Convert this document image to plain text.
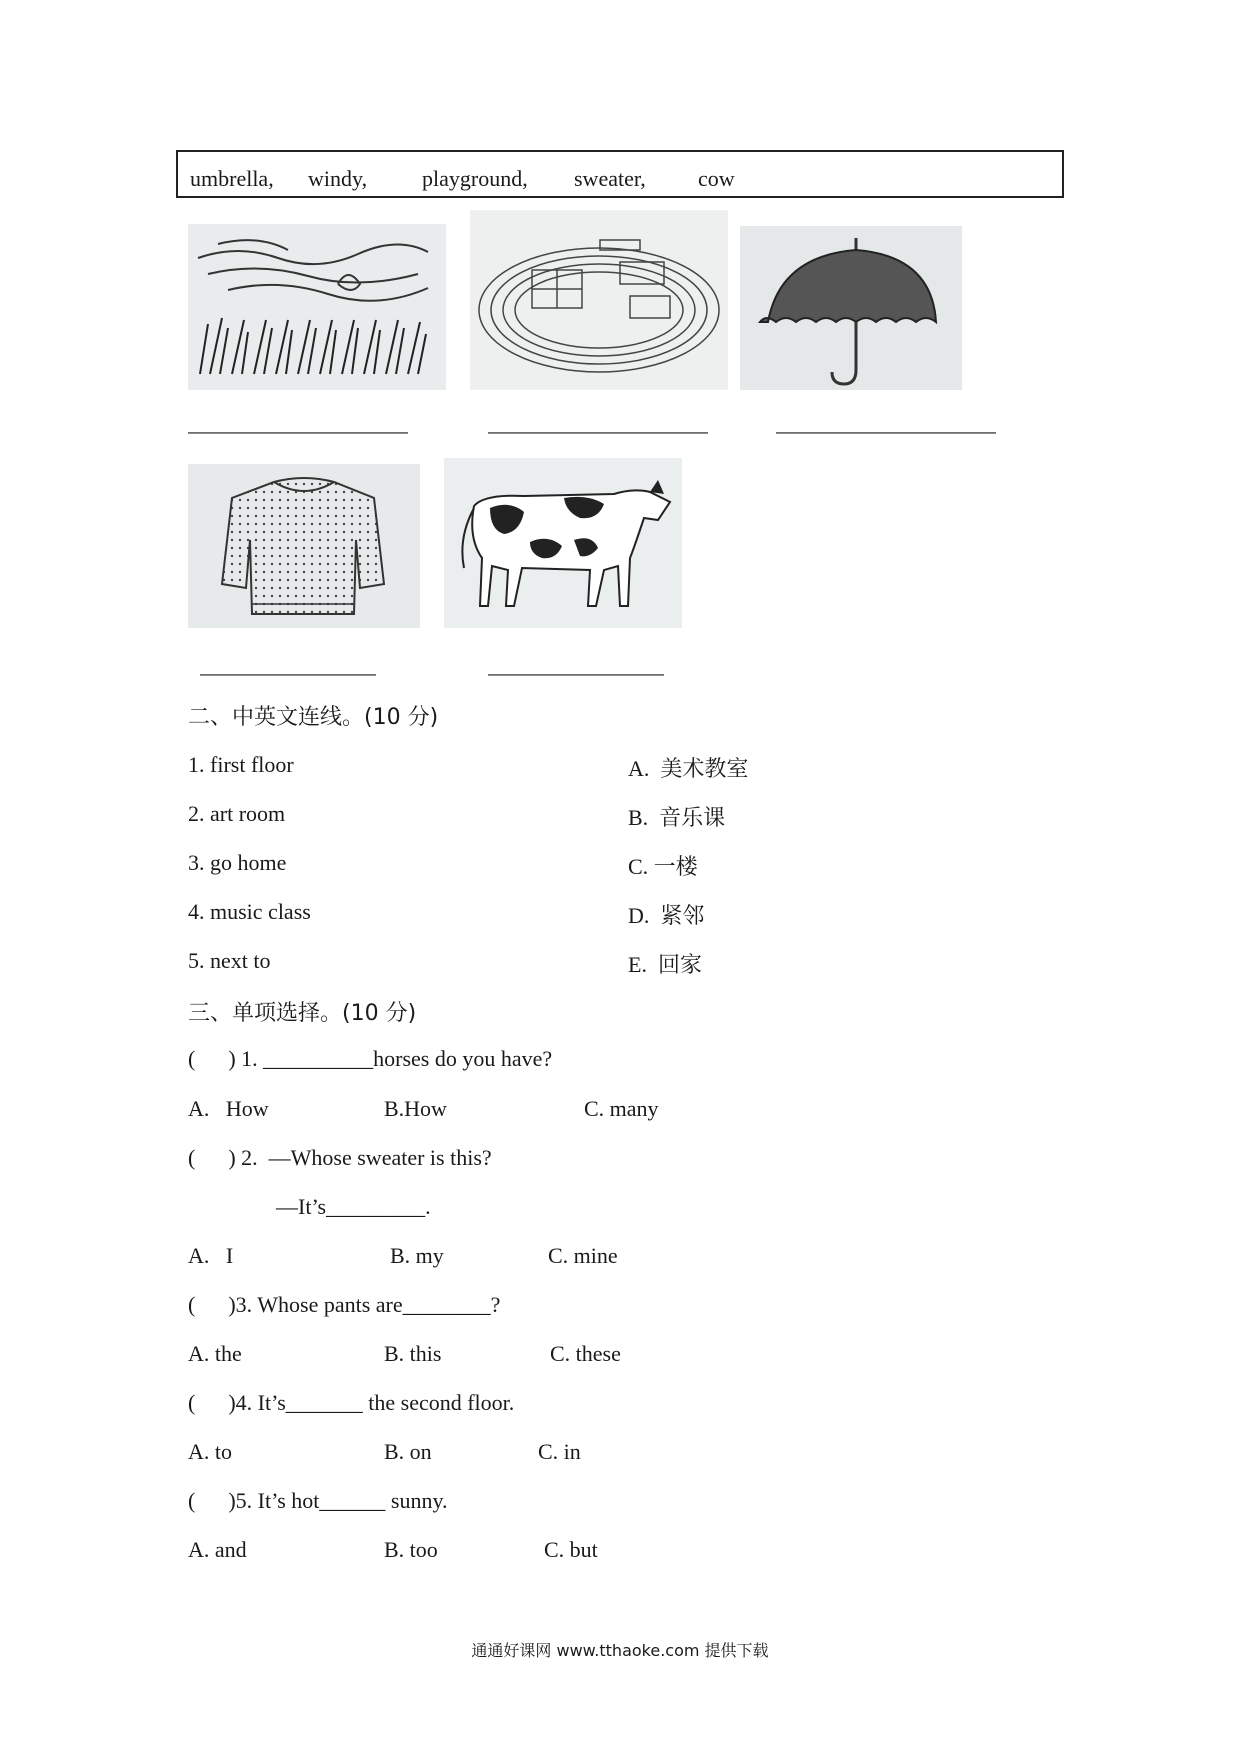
umbrella, windy, playground, sweater, cow
——————————	——————————	——————————
————————	————————
二、中英文连线。(10 分)
1. first floor
2. art room
3. go home
4. music class
5. next to
A.  美术教室
B.  音乐课
C. 一楼
D.  紧邻
E.  回家
三、单项选择。(10 分)
(      ) 1. __________horses do you have?
A.   How	B.How	C. many
(      ) 2.  —Whose sweater is this?
—It’s_________.
A.   I	B. my	C. mine
(      )3. Whose pants are________?
A. the	B. this	C. these
(      )4. It’s_______ the second floor.
A. to	B. on	C. in
(      )5. It’s hot______ sunny.
A. and	B. too	C. but
通通好课网 www.tthaoke.com 提供下载
